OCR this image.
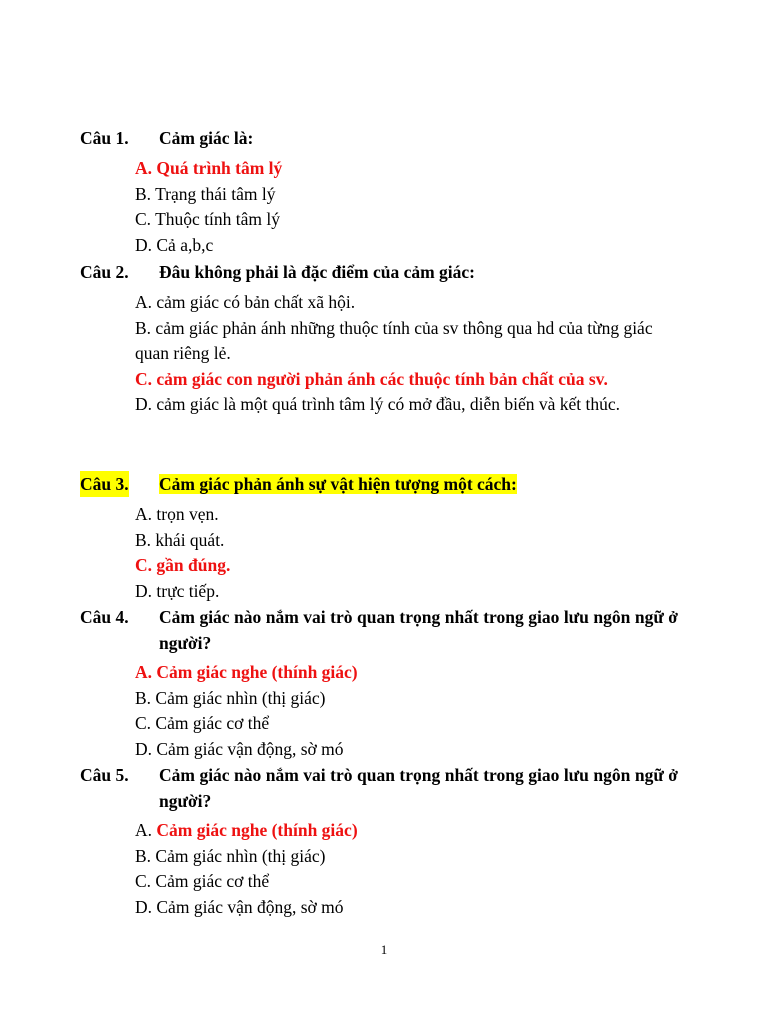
Câu 1. Cảm giác là:
A. Quá trình tâm lý
B. Trạng thái tâm lý
C. Thuộc tính tâm lý
D. Cả a,b,c
Câu 2. Đâu không phải là đặc điểm của cảm giác:
A. cảm giác có bản chất xã hội.
B. cảm giác phản ánh những thuộc tính của sv thông qua hd của từng giác quan riêng lẻ.
C. cảm giác con người phản ánh các thuộc tính bản chất của sv.
D. cảm giác là một quá trình tâm lý có mở đầu, diễn biến và kết thúc.
Câu 3. Cảm giác phản ánh sự vật hiện tượng một cách:
A. trọn vẹn.
B. khái quát.
C. gần đúng.
D. trực tiếp.
Câu 4. Cảm giác nào nắm vai trò quan trọng nhất trong giao lưu ngôn ngữ ở người?
A. Cảm giác nghe (thính giác)
B. Cảm giác nhìn (thị giác)
C. Cảm giác cơ thể
D. Cảm giác vận động, sờ mó
Câu 5. Cảm giác nào nắm vai trò quan trọng nhất trong giao lưu ngôn ngữ ở người?
A. Cảm giác nghe (thính giác)
B. Cảm giác nhìn (thị giác)
C. Cảm giác cơ thể
D. Cảm giác vận động, sờ mó
1
